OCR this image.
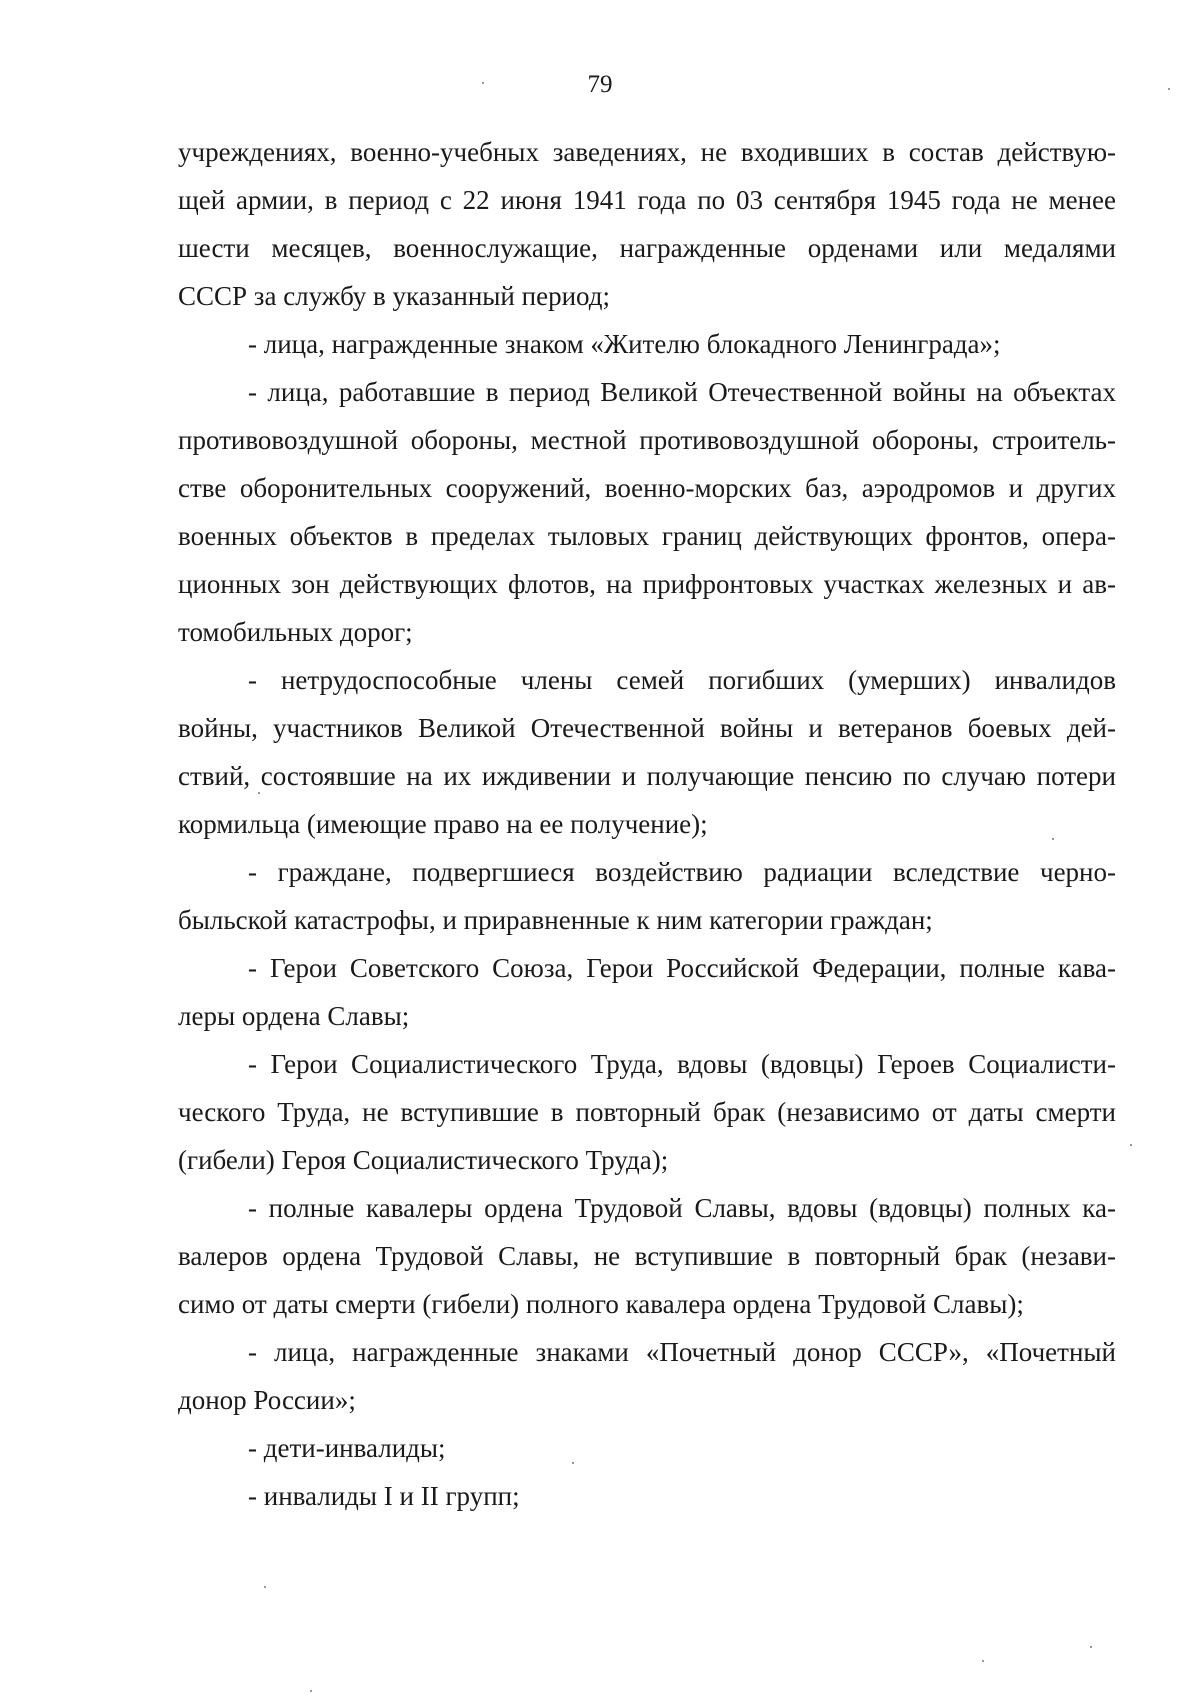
79
учреждениях, военно-учебных заведениях, не входивших в состав действую-
щей армии, в период с 22 июня 1941 года по 03 сентября 1945 года не менее
шести месяцев, военнослужащие, награжденные орденами или медалями
СССР за службу в указанный период;
- лица, награжденные знаком «Жителю блокадного Ленинграда»;
- лица, работавшие в период Великой Отечественной войны на объектах
противовоздушной обороны, местной противовоздушной обороны, строитель-
стве оборонительных сооружений, военно-морских баз, аэродромов и других
военных объектов в пределах тыловых границ действующих фронтов, опера-
ционных зон действующих флотов, на прифронтовых участках железных и ав-
томобильных дорог;
- нетрудоспособные члены семей погибших (умерших) инвалидов
войны, участников Великой Отечественной войны и ветеранов боевых дей-
ствий, состоявшие на их иждивении и получающие пенсию по случаю потери
кормильца (имеющие право на ее получение);
- граждане, подвергшиеся воздействию радиации вследствие черно-
быльской катастрофы, и приравненные к ним категории граждан;
- Герои Советского Союза, Герои Российской Федерации, полные кава-
леры ордена Славы;
- Герои Социалистического Труда, вдовы (вдовцы) Героев Социалисти-
ческого Труда, не вступившие в повторный брак (независимо от даты смерти
(гибели) Героя Социалистического Труда);
- полные кавалеры ордена Трудовой Славы, вдовы (вдовцы) полных ка-
валеров ордена Трудовой Славы, не вступившие в повторный брак (незави-
симо от даты смерти (гибели) полного кавалера ордена Трудовой Славы);
- лица, награжденные знаками «Почетный донор СССР», «Почетный
донор России»;
- дети-инвалиды;
- инвалиды I и II групп;
